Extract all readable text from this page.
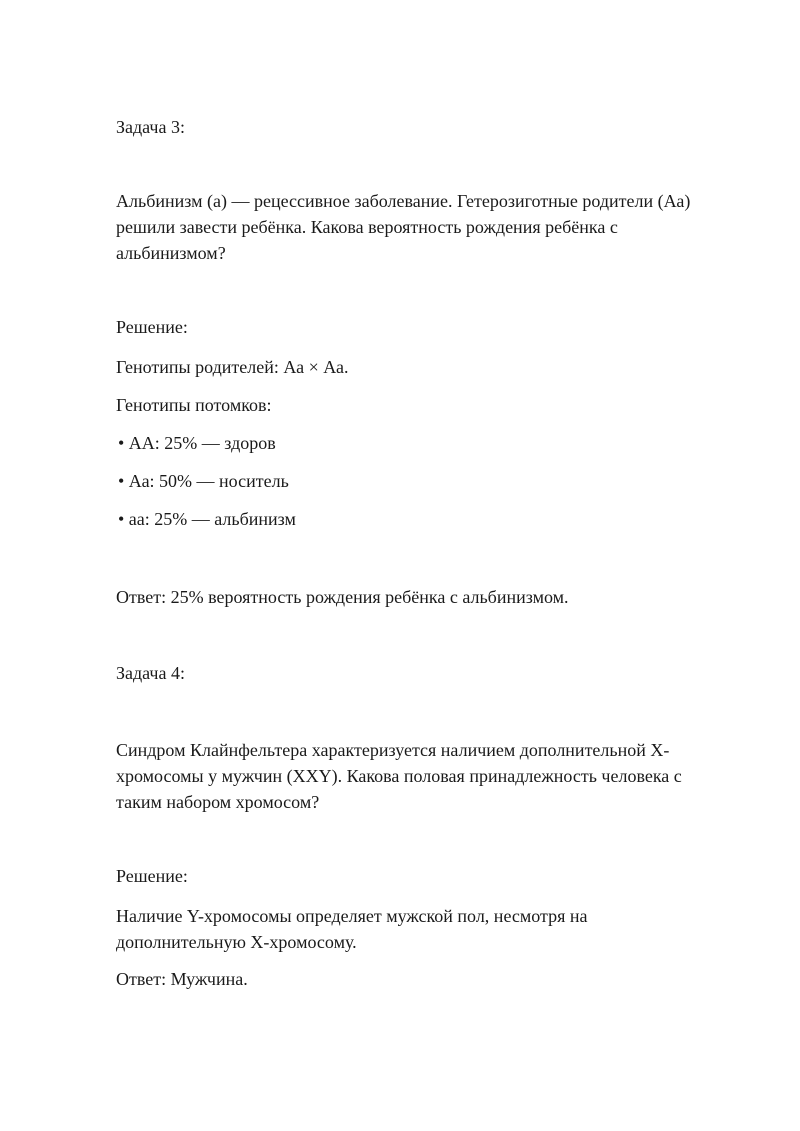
Задача 3:
Альбинизм (а) — рецессивное заболевание. Гетерозиготные родители (Аа)
решили завести ребёнка. Какова вероятность рождения ребёнка с
альбинизмом?
Решение:
Генотипы родителей: Аа × Аа.
Генотипы потомков:
• АА: 25% — здоров
• Аа: 50% — носитель
• аа: 25% — альбинизм
Ответ: 25% вероятность рождения ребёнка с альбинизмом.
Задача 4:
Синдром Клайнфельтера характеризуется наличием дополнительной X-
хромосомы у мужчин (XXY). Какова половая принадлежность человека с
таким набором хромосом?
Решение:
Наличие Y-хромосомы определяет мужской пол, несмотря на
дополнительную X-хромосому.
Ответ: Мужчина.
